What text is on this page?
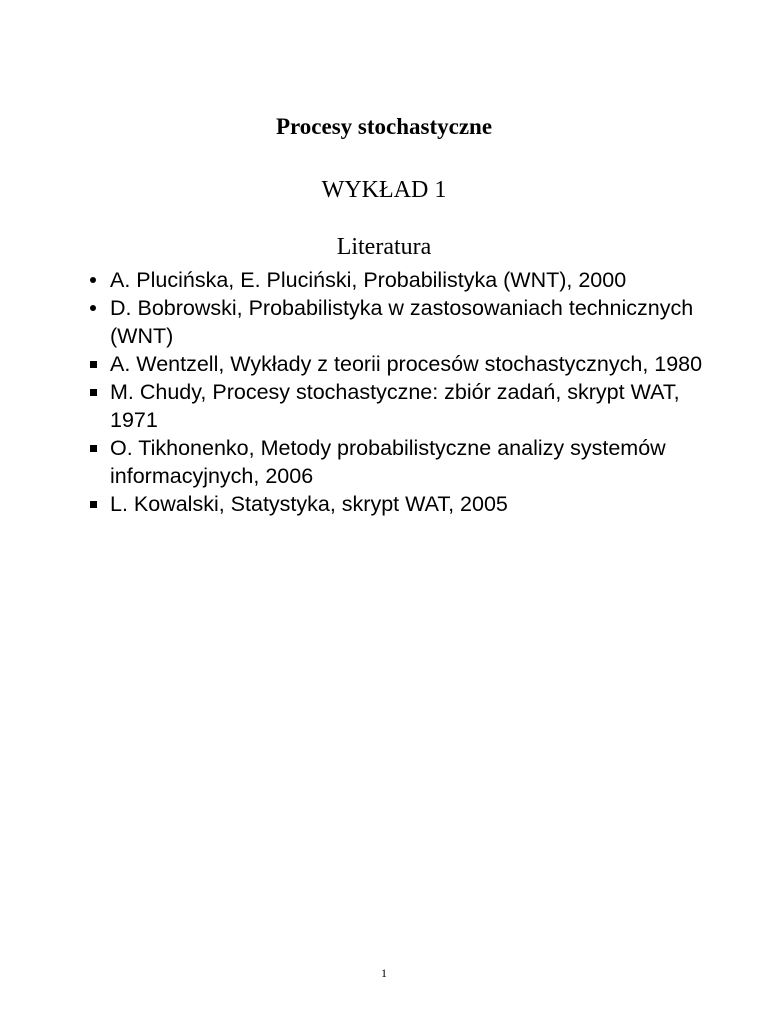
Procesy stochastyczne
WYKŁAD 1
Literatura
A. Plucińska, E. Pluciński, Probabilistyka (WNT), 2000
D. Bobrowski, Probabilistyka w zastosowaniach technicznych (WNT)
A. Wentzell, Wykłady z teorii procesów stochastycznych, 1980
M. Chudy, Procesy stochastyczne: zbiór zadań, skrypt WAT, 1971
O. Tikhonenko, Metody probabilistyczne analizy systemów informacyjnych, 2006
L. Kowalski, Statystyka, skrypt WAT, 2005
1
